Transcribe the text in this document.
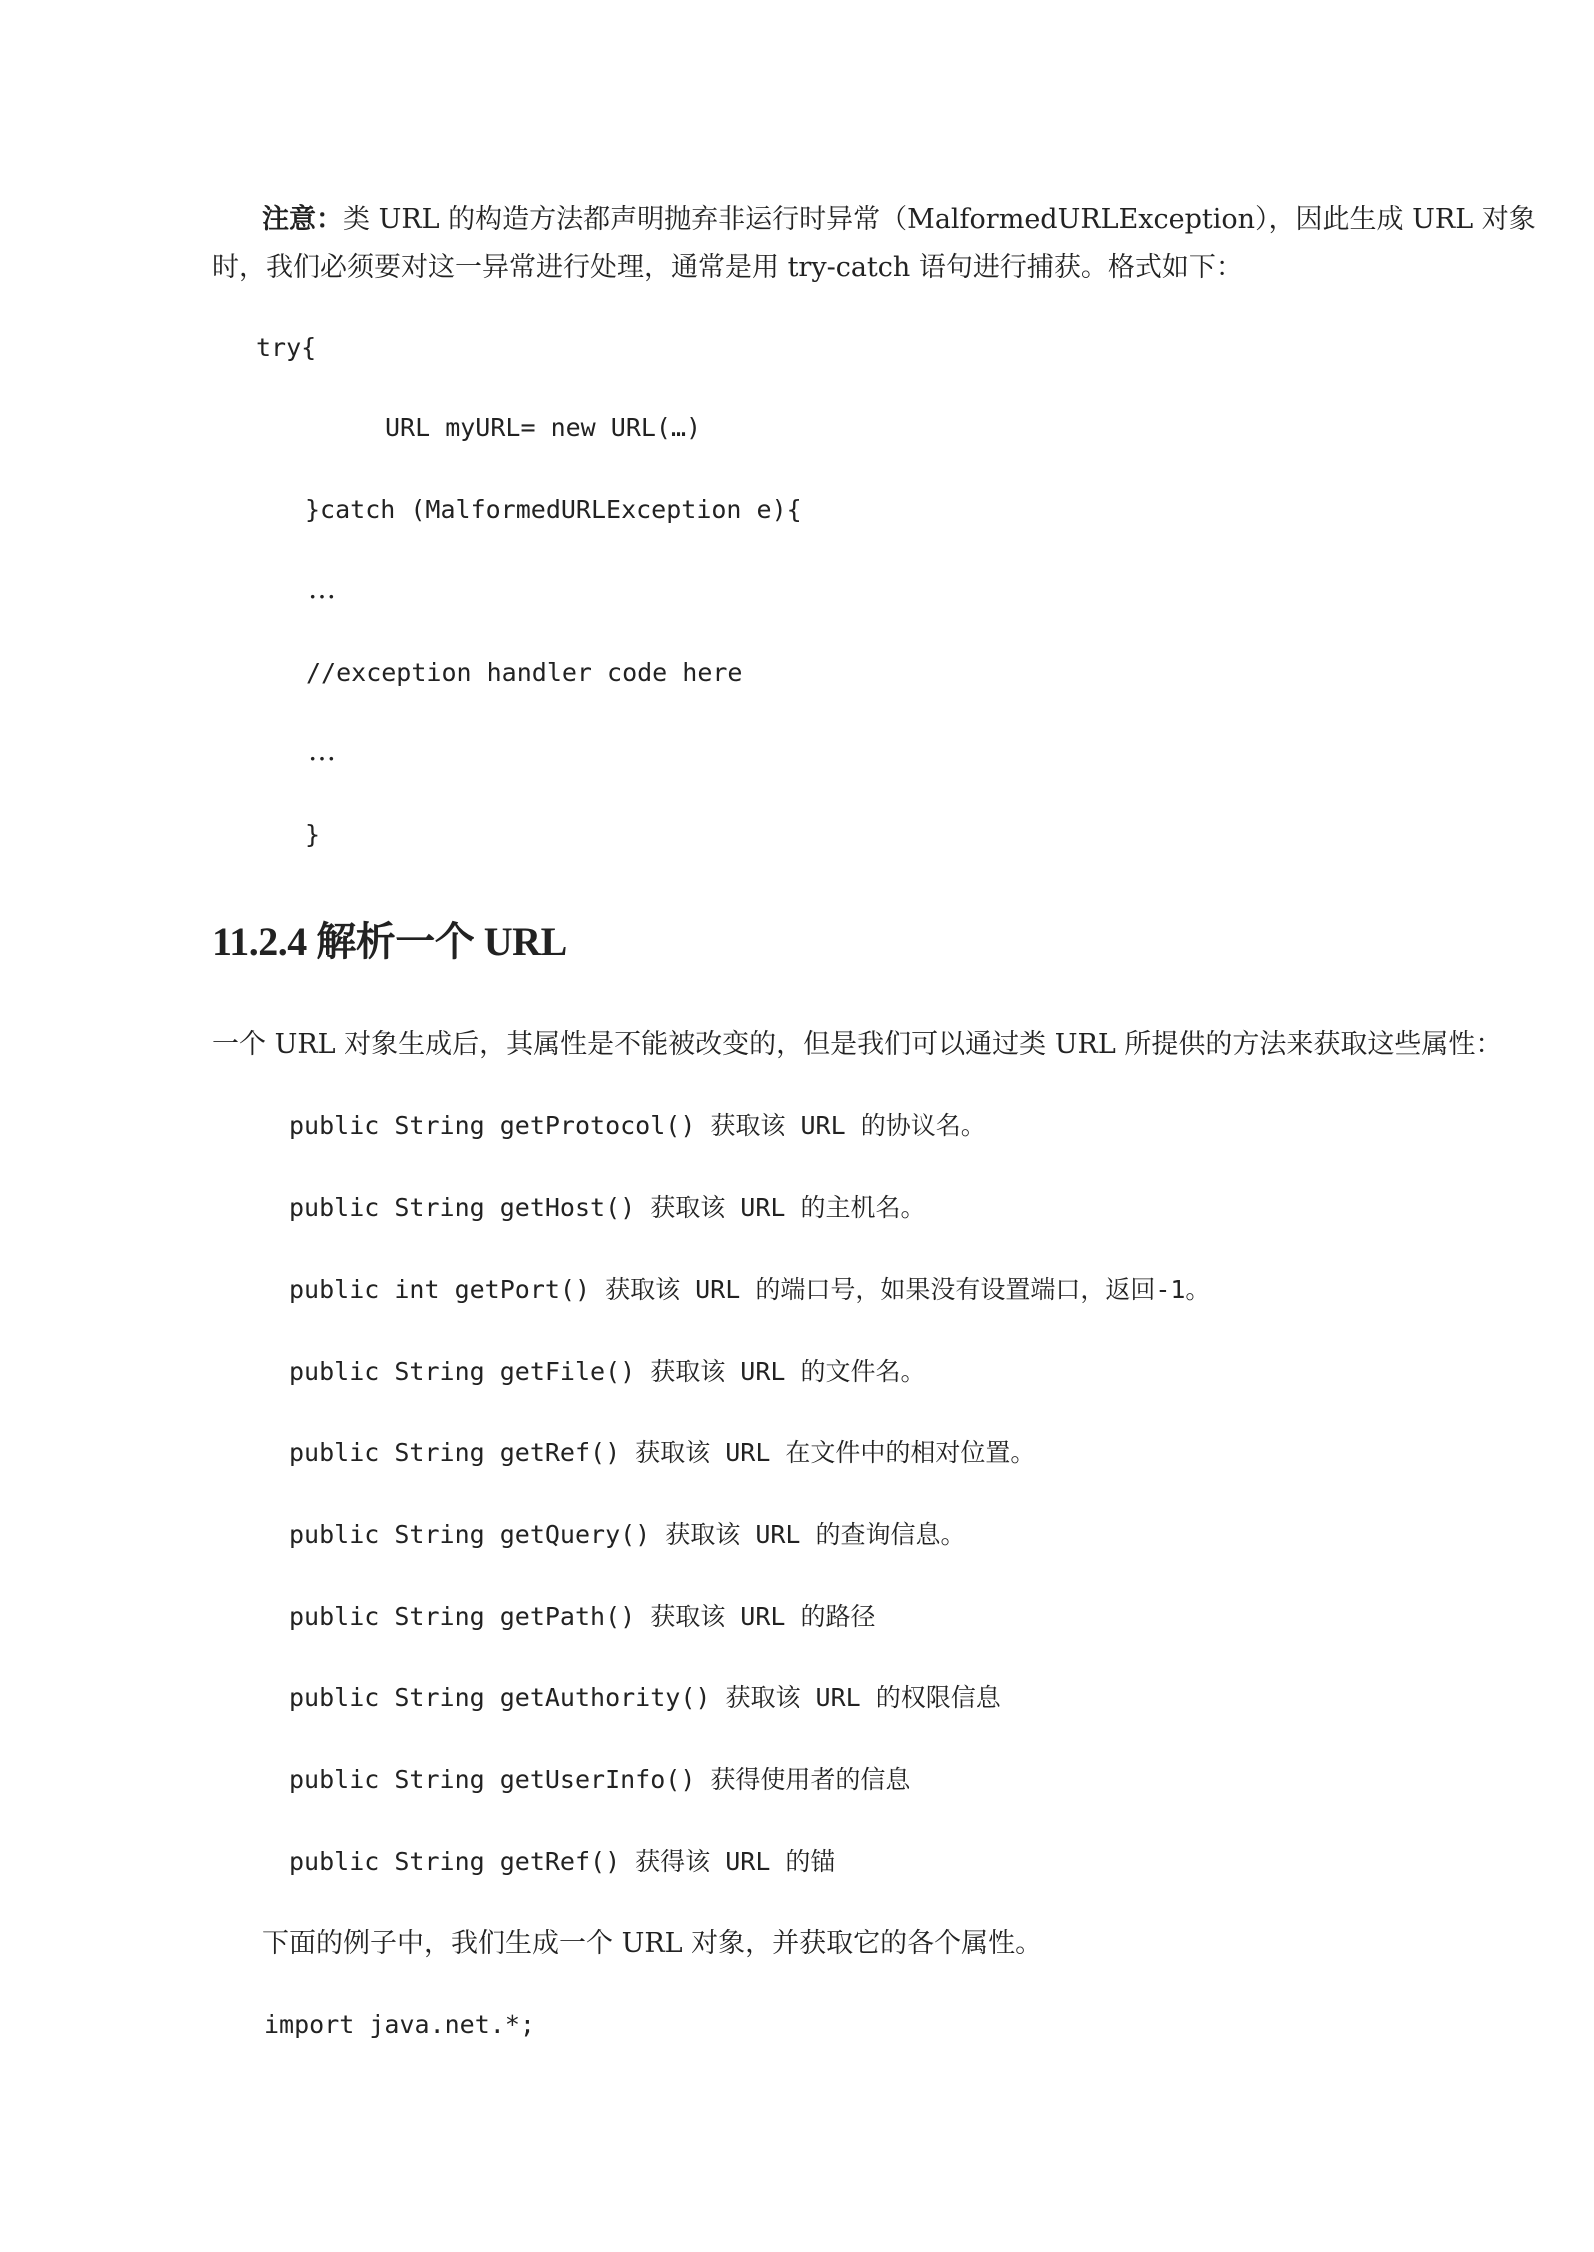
注意：类 URL 的构造方法都声明抛弃非运行时异常（MalformedURLException），因此生成 URL 对象
时，我们必须要对这一异常进行处理，通常是用 try-catch 语句进行捕获。格式如下：
try{
URL myURL= new URL(…)
}catch (MalformedURLException e){
…
//exception handler code here
…
}
11.2.4 解析一个 URL
一个 URL 对象生成后，其属性是不能被改变的，但是我们可以通过类 URL 所提供的方法来获取这些属性：
public String getProtocol() 获取该 URL 的协议名。
public String getHost() 获取该 URL 的主机名。
public int getPort() 获取该 URL 的端口号，如果没有设置端口，返回-1。
public String getFile() 获取该 URL 的文件名。
public String getRef() 获取该 URL 在文件中的相对位置。
public String getQuery() 获取该 URL 的查询信息。
public String getPath() 获取该 URL 的路径
public String getAuthority() 获取该 URL 的权限信息
public String getUserInfo() 获得使用者的信息
public String getRef() 获得该 URL 的锚
下面的例子中，我们生成一个 URL 对象，并获取它的各个属性。
import java.net.*;
